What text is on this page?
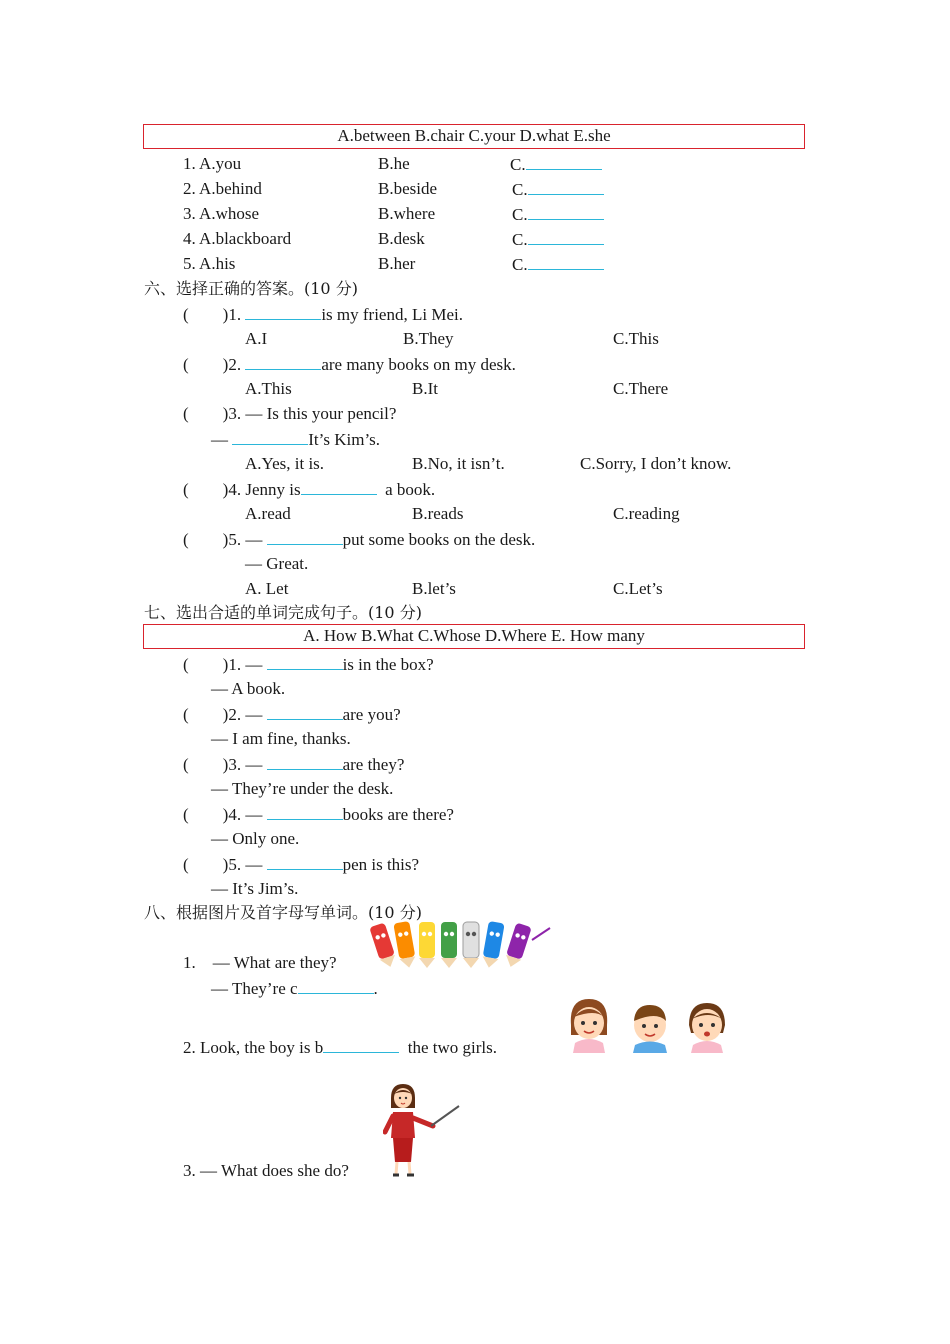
A.between B.chair C.your D.what E.she
1. A.you	B.he	C.
2. A.behind	B.beside	C.
3. A.whose	B.where	C.
4. A.blackboard	B.desk	C.
5. A.his	B.her	C.
六、选择正确的答案。(10 分)
(        )1.	is my friend, Li Mei.
A.I	B.They	C.This
(        )2.	are many books on my desk.
A.This	B.It	C.There
(        )3. — Is this your pencil?
—	It’s Kim’s.
A.Yes, it is.	B.No, it isn’t.	C.Sorry, I don’t know.
(        )4. Jenny is	a book.
A.read	B.reads	C.reading
(        )5. —	put some books on the desk.
— Great.
A. Let	B.let’s	C.Let’s
七、选出合适的单词完成句子。(10 分)
A. How B.What C.Whose D.Where E. How many
(        )1. —	is in the box?
— A book.
(        )2. —	are you?
— I am fine, thanks.
(        )3. —	are they?
— They’re under the desk.
(        )4. —	books are there?
— Only one.
(        )5. —	pen is this?
— It’s Jim’s.
八、根据图片及首字母写单词。(10 分)
1.    — What are they?
— They’re c	.
2. Look, the boy is b	the two girls.
3. — What does she do?
